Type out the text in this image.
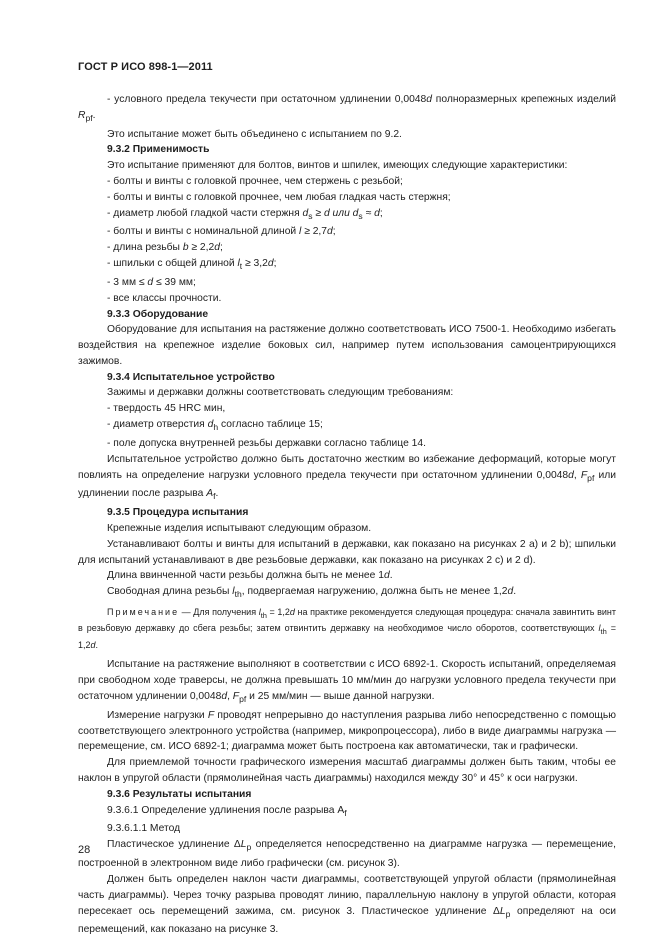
ГОСТ Р ИСО 898-1—2011

- условного предела текучести при остаточном удлинении 0,0048d полноразмерных крепежных изделий $R_{pf}$.

Это испытание может быть объединено с испытанием по 9.2.

9.3.2 Применимость

Это испытание применяют для болтов, винтов и шпилек, имеющих следующие характеристики:

- болты и винты с головкой прочнее, чем стержень с резьбой;

- болты и винты с головкой прочнее, чем любая гладкая часть стержня;

- диаметр любой гладкой части стержня $d_s \ge d$ или $d_s \approx d$;

- болты и винты с номинальной длиной l ≥ 2,7d;

- длина резьбы b ≥ 2,2d;

- шпильки с общей длиной $l_t \ge 3,2d$;

- 3 мм ≤ d ≤ 39 мм;

- все классы прочности.

9.3.3 Оборудование

Оборудование для испытания на растяжение должно соответствовать ИСО 7500-1. Необходимо избегать воздействия на крепежное изделие боковых сил, например путем использования самоцентрирующихся зажимов.

9.3.4 Испытательное устройство

Зажимы и державки должны соответствовать следующим требованиям:

- твердость 45 HRC мин,

- диаметр отверстия $d_h$ согласно таблице 15;

- поле допуска внутренней резьбы державки согласно таблице 14.

Испытательное устройство должно быть достаточно жестким во избежание деформаций, которые могут повлиять на определение нагрузки условного предела текучести при остаточном удлинении 0,0048d, $F_{pf}$ или удлинении после разрыва $A_f$.

9.3.5 Процедура испытания

Крепежные изделия испытывают следующим образом.

Устанавливают болты и винты для испытаний в державки, как показано на рисунках 2 a) и 2 b); шпильки для испытаний устанавливают в две резьбовые державки, как показано на рисунках 2 c) и 2 d).

Длина ввинченной части резьбы должна быть не менее 1d.

Свободная длина резьбы $l_{th}$, подвергаемая нагружению, должна быть не менее 1,2d.

Примечание — Для получения $l_{th} = 1,2d$ на практике рекомендуется следующая процедура: сначала завинтить винт в резьбовую державку до сбега резьбы; затем отвинтить державку на необходимое число оборотов, соответствующих $l_{th} = 1,2d$.

Испытание на растяжение выполняют в соответствии с ИСО 6892-1. Скорость испытаний, определяемая при свободном ходе траверсы, не должна превышать 10 мм/мин до нагрузки условного предела текучести при остаточном удлинении 0,0048d, $F_{pf}$ и 25 мм/мин — выше данной нагрузки.

Измерение нагрузки F проводят непрерывно до наступления разрыва либо непосредственно с помощью соответствующего электронного устройства (например, микропроцессора), либо в виде диаграммы нагрузка — перемещение, см. ИСО 6892-1; диаграмма может быть построена как автоматически, так и графически.

Для приемлемой точности графического измерения масштаб диаграммы должен быть таким, чтобы ее наклон в упругой области (прямолинейная часть диаграммы) находился между 30° и 45° к оси нагрузки.

9.3.6 Результаты испытания

9.3.6.1 Определение удлинения после разрыва $A_f$

9.3.6.1.1 Метод

Пластическое удлинение $\Delta L_p$ определяется непосредственно на диаграмме нагрузка — перемещение, построенной в электронном виде либо графически (см. рисунок 3).

Должен быть определен наклон части диаграммы, соответствующей упругой области (прямолинейная часть диаграммы). Через точку разрыва проводят линию, параллельную наклону в упругой области, которая пересекает ось перемещений зажима, см. рисунок 3. Пластическое удлинение $\Delta L_p$ определяют на оси перемещений, как показано на рисунке 3.

28
